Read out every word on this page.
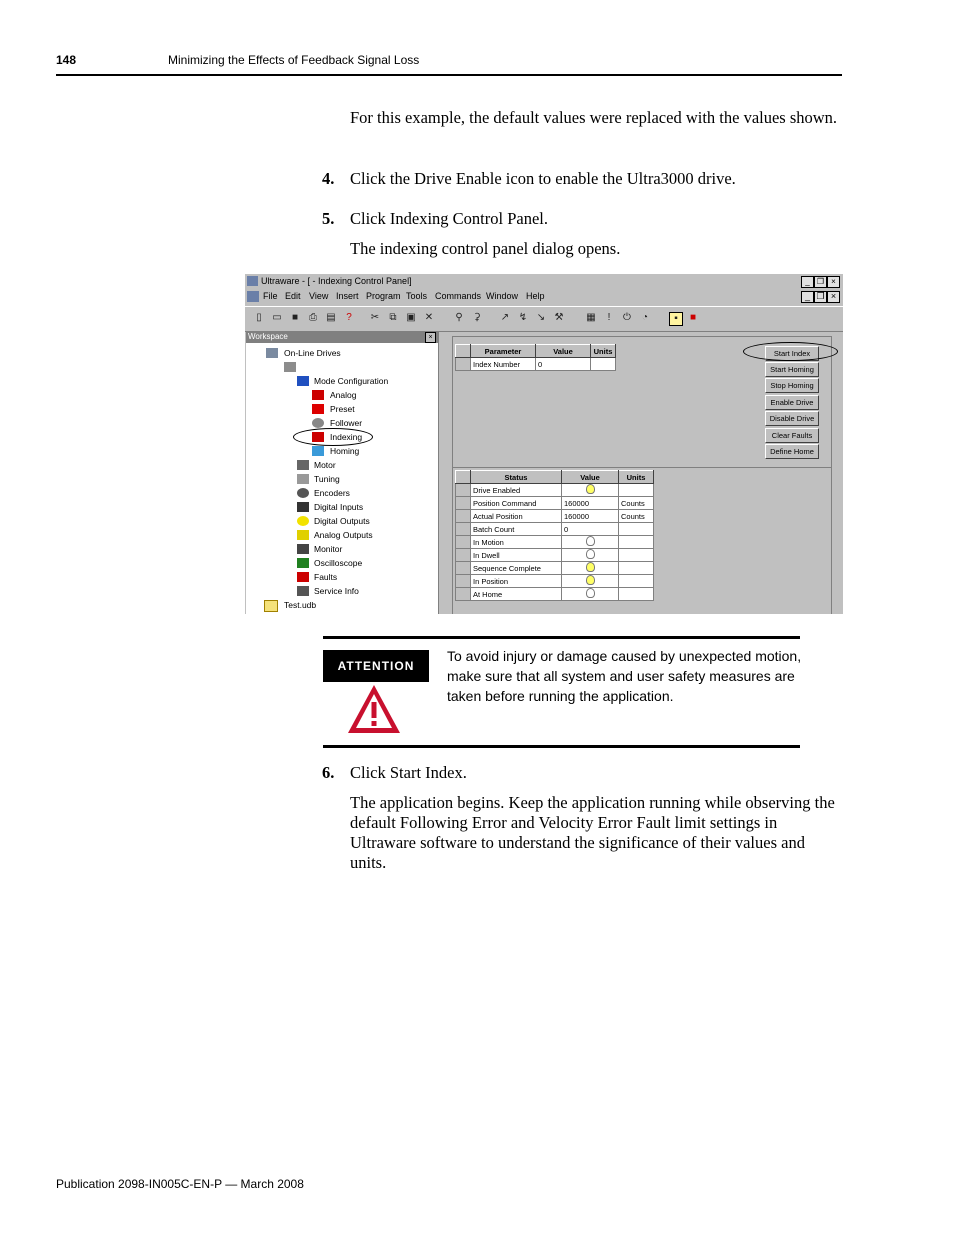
148	Minimizing the Effects of Feedback Signal Loss
For this example, the default values were replaced with the values shown.
4. Click the Drive Enable icon to enable the Ultra3000 drive.
5. Click Indexing Control Panel.
The indexing control panel dialog opens.
Ultraware - [ - Indexing Control Panel]	_ ❐ ×
File Edit View Insert Program Tools Commands Window Help	_ ❐ ×
▯	▭ ■ ⎙ ▤	?	✂ ⧉ ▣ ✕ ⚲ ⚳ ↗ ↯ ↘ ⚒ ▦	!	⏻ ◔	▪	■
Workspace	×
On-Line Drives
Mode Configuration
Analog
Preset
Follower
Indexing
Homing
Motor
Tuning
Encoders
Digital Inputs
Digital Outputs
Analog Outputs
Monitor
Oscilloscope
Faults
Service Info
Test.udb
	Parameter	Value	Units
	Index Number	0	
Start Index
Start Homing
Stop Homing
Enable Drive
Disable Drive
Clear Faults
Define Home
	Status	Value	Units
	Drive Enabled		
	Position Command	160000	Counts
	Actual Position	160000	Counts
	Batch Count	0	
	In Motion		
	In Dwell		
	Sequence Complete		
	In Position		
	At Home		
ATTENTION
To avoid injury or damage caused by unexpected motion, make sure that all system and user safety measures are taken before running the application.
6. Click Start Index.
The application begins. Keep the application running while observing the default Following Error and Velocity Error Fault limit settings in Ultraware software to understand the significance of their values and units.
Publication 2098-IN005C-EN-P — March 2008
